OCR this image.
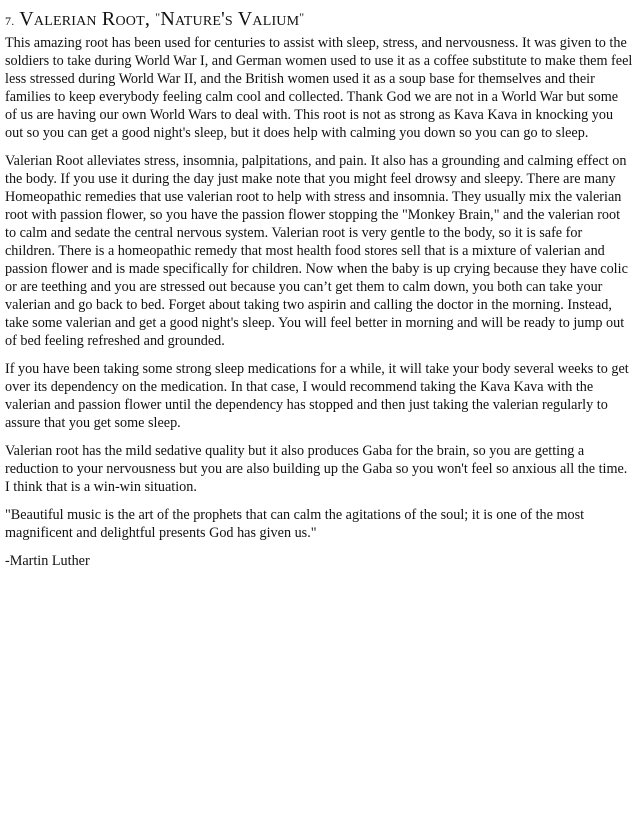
7. Valerian Root, "Nature's Valium"

This amazing root has been used for centuries to assist with sleep, stress, and nervousness. It was given to the soldiers to take during World War I, and German women used to use it as a coffee substitute to make them feel less stressed during World War II, and the British women used it as a soup base for themselves and their families to keep everybody feeling calm cool and collected. Thank God we are not in a World War but some of us are having our own World Wars to deal with. This root is not as strong as Kava Kava in knocking you out so you can get a good night's sleep, but it does help with calming you down so you can go to sleep.

Valerian Root alleviates stress, insomnia, palpitations, and pain. It also has a grounding and calming effect on the body. If you use it during the day just make note that you might feel drowsy and sleepy. There are many Homeopathic remedies that use valerian root to help with stress and insomnia. They usually mix the valerian root with passion flower, so you have the passion flower stopping the "Monkey Brain," and the valerian root to calm and sedate the central nervous system. Valerian root is very gentle to the body, so it is safe for children. There is a homeopathic remedy that most health food stores sell that is a mixture of valerian and passion flower and is made specifically for children. Now when the baby is up crying because they have colic or are teething and you are stressed out because you can’t get them to calm down, you both can take your valerian and go back to bed. Forget about taking two aspirin and calling the doctor in the morning. Instead, take some valerian and get a good night's sleep. You will feel better in morning and will be ready to jump out of bed feeling refreshed and grounded.

If you have been taking some strong sleep medications for a while, it will take your body several weeks to get over its dependency on the medication. In that case, I would recommend taking the Kava Kava with the valerian and passion flower until the dependency has stopped and then just taking the valerian regularly to assure that you get some sleep.

Valerian root has the mild sedative quality but it also produces Gaba for the brain, so you are getting a reduction to your nervousness but you are also building up the Gaba so you won't feel so anxious all the time. I think that is a win-win situation.

"Beautiful music is the art of the prophets that can calm the agitations of the soul; it is one of the most magnificent and delightful presents God has given us."

-Martin Luther
